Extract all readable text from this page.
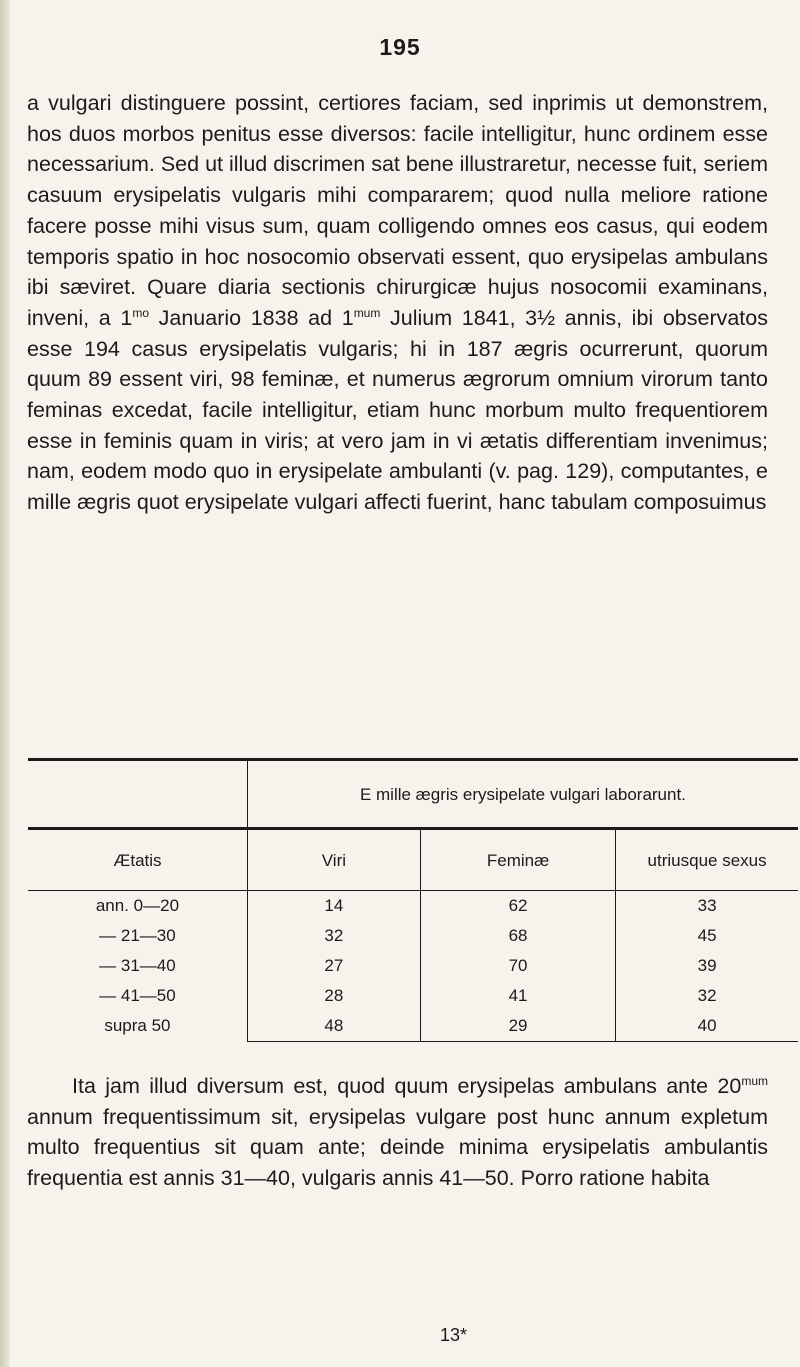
195

a vulgari distinguere possint, certiores faciam, sed inprimis ut demonstrem, hos duos morbos penitus esse diversos: facile intelligitur, hunc ordinem esse necessarium. Sed ut illud discrimen sat bene illustraretur, necesse fuit, seriem casuum erysipelatis vulgaris mihi compararem; quod nulla meliore ratione facere posse mihi visus sum, quam colligendo omnes eos casus, qui eodem temporis spatio in hoc nosocomio observati essent, quo erysipelas ambulans ibi sæviret. Quare diaria sectionis chirurgicæ hujus nosocomii examinans, inveni, a $1^{mo}$ Januario 1838 ad $1^{mum}$ Julium 1841, 3½ annis, ibi observatos esse 194 casus erysipelatis vulgaris; hi in 187 ægris ocurrerunt, quorum quum 89 essent viri, 98 feminæ, et numerus ægrorum omnium virorum tanto feminas excedat, facile intelligitur, etiam hunc morbum multo frequentiorem esse in feminis quam in viris; at vero jam in vi ætatis differentiam invenimus; nam, eodem modo quo in erysipelate ambulanti (v. pag. 129), computantes, e mille ægris quot erysipelate vulgari affecti fuerint, hanc tabulam composuimus

	E mille ægris erysipelate vulgari laborarunt.		
Ætatis	Viri	Feminæ	utriusque sexus
ann. 0—20	14	62	33
— 21—30	32	68	45
— 31—40	27	70	39
— 41—50	28	41	32
supra 50	48	29	40

Ita jam illud diversum est, quod quum erysipelas ambulans ante $20^{mum}$ annum frequentissimum sit, erysipelas vulgare post hunc annum expletum multo frequentius sit quam ante; deinde minima erysipelatis ambulantis frequentia est annis 31—40, vulgaris annis 41—50. Porro ratione habita

13*
